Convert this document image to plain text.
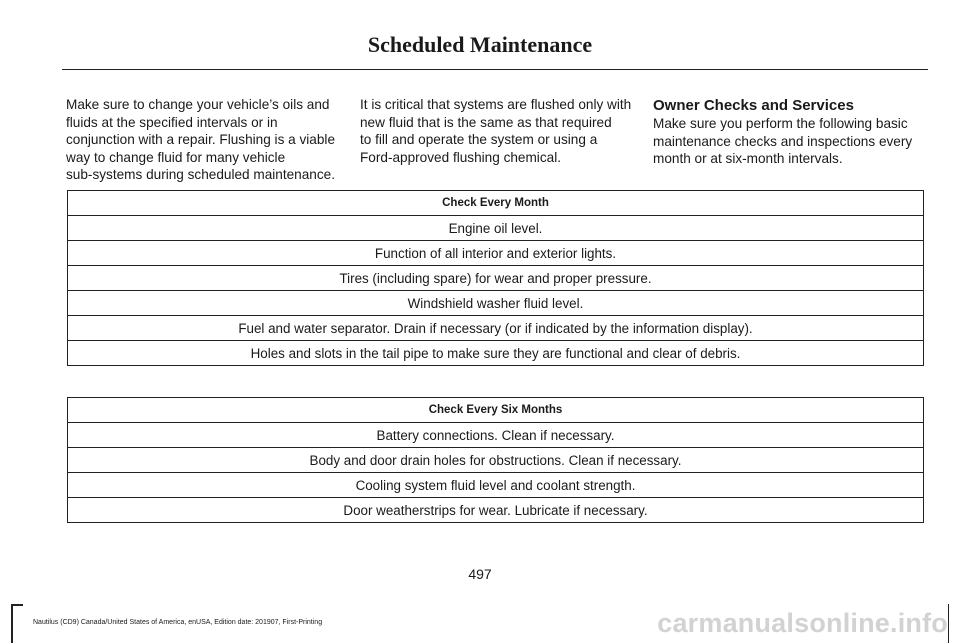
Scheduled Maintenance

Make sure to change your vehicle’s oils and
fluids at the specified intervals or in
conjunction with a repair. Flushing is a viable
way to change fluid for many vehicle
sub-systems during scheduled maintenance.

It is critical that systems are flushed only with
new fluid that is the same as that required
to fill and operate the system or using a
Ford-approved flushing chemical.

Owner Checks and Services

Make sure you perform the following basic
maintenance checks and inspections every
month or at six-month intervals.

Check Every Month
Engine oil level.
Function of all interior and exterior lights.
Tires (including spare) for wear and proper pressure.
Windshield washer fluid level.
Fuel and water separator. Drain if necessary (or if indicated by the information display).
Holes and slots in the tail pipe to make sure they are functional and clear of debris.
Check Every Six Months
Battery connections. Clean if necessary.
Body and door drain holes for obstructions. Clean if necessary.
Cooling system fluid level and coolant strength.
Door weatherstrips for wear. Lubricate if necessary.
497
Nautilus (CD9) Canada/United States of America, enUSA, Edition date: 201907, First-Printing	carmanualsonline.info
